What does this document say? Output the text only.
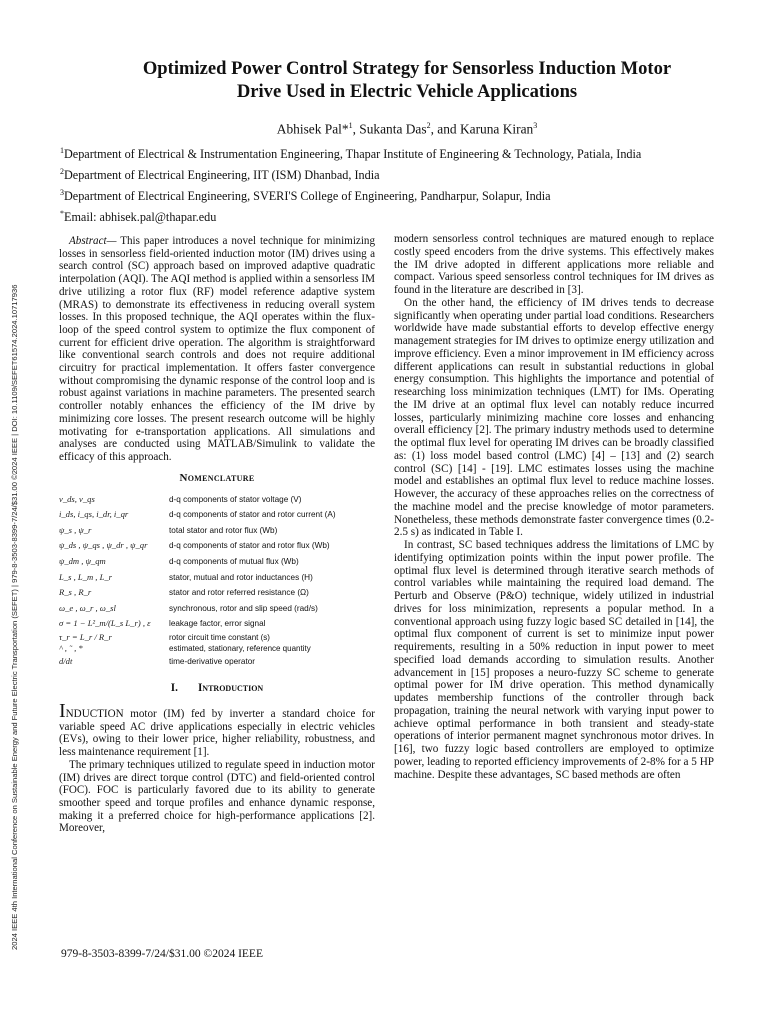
2024 IEEE 4th International Conference on Sustainable Energy and Future Electric Transportation (SEFET) | 979-8-3503-8399-7/24/$31.00 ©2024 IEEE | DOI: 10.1109/SEFET61574.2024.10717936
Optimized Power Control Strategy for Sensorless Induction Motor
Drive Used in Electric Vehicle Applications
Abhisek Pal*$^1$, Sukanta Das$^2$, and Karuna Kiran$^3$
$^1$Department of Electrical & Instrumentation Engineering, Thapar Institute of Engineering & Technology, Patiala, India
$^2$Department of Electrical Engineering, IIT (ISM) Dhanbad, India
$^3$Department of Electrical Engineering, SVERI'S College of Engineering, Pandharpur, Solapur, India
*Email: abhisek.pal@thapar.edu

Abstract— This paper introduces a novel technique for minimizing losses in sensorless field-oriented induction motor (IM) drives using a search control (SC) approach based on improved adaptive quadratic interpolation (AQI). The AQI method is applied within a sensorless IM drive utilizing a rotor flux (RF) model reference adaptive system (MRAS) to demonstrate its effectiveness in reducing overall system losses. In this proposed technique, the AQI operates within the flux-loop of the speed control system to optimize the flux component of current for efficient drive operation. The algorithm is straightforward like conventional search controls and does not require additional circuitry for practical implementation. It offers faster convergence without compromising the dynamic response of the control loop and is robust against variations in machine parameters. The presented search controller notably enhances the efficiency of the IM drive by minimizing core losses. The present research outcome will be highly motivating for e-transportation applications. All simulations and analyses are conducted using MATLAB/Simulink to validate the efficacy of this approach.

Nomenclature
v_ds, v_qs	d-q components of stator voltage (V)
i_ds, i_qs, i_dr, i_qr	d-q components of stator and rotor current (A)
ψ_s , ψ_r	total stator and rotor flux (Wb)
ψ_ds , ψ_qs , ψ_dr , ψ_qr	d-q components of stator and rotor flux (Wb)
ψ_dm , ψ_qm	d-q components of mutual flux (Wb)
L_s , L_m , L_r	stator, mutual and rotor inductances (H)
R_s , R_r	stator and rotor referred resistance (Ω)
ω_e , ω_r , ω_sl	synchronous, rotor and slip speed (rad/s)
σ = 1 − L²_m/(L_s L_r) , ε	leakage factor, error signal
τ_r = L_r / R_r	rotor circuit time constant (s)
^ , ˜ , *	estimated, stationary, reference quantity
d/dt	time-derivative operator
I. Introduction

INDUCTION motor (IM) fed by inverter a standard choice for variable speed AC drive applications especially in electric vehicles (EVs), owing to their lower price, higher reliability, robustness, and less maintenance requirement [1].

The primary techniques utilized to regulate speed in induction motor (IM) drives are direct torque control (DTC) and field-oriented control (FOC). FOC is particularly favored due to its ability to generate smoother speed and torque profiles and enhance dynamic response, making it a preferred choice for high-performance applications [2]. Moreover,

modern sensorless control techniques are matured enough to replace costly speed encoders from the drive systems. This effectively makes the IM drive adopted in different applications more reliable and compact. Various speed sensorless control techniques for IM drives as found in the literature are described in [3].

On the other hand, the efficiency of IM drives tends to decrease significantly when operating under partial load conditions. Researchers worldwide have made substantial efforts to develop effective energy management strategies for IM drives to optimize energy utilization and improve efficiency. Even a minor improvement in IM efficiency across different applications can result in substantial reductions in global energy consumption. This highlights the importance and potential of researching loss minimization techniques (LMT) for IMs. Operating the IM drive at an optimal flux level can notably reduce incurred losses, particularly minimizing machine core losses and enhancing overall efficiency [2]. The primary industry methods used to determine the optimal flux level for operating IM drives can be broadly classified as: (1) loss model based control (LMC) [4] – [13] and (2) search control (SC) [14] - [19]. LMC estimates losses using the machine model and establishes an optimal flux level to reduce machine losses. However, the accuracy of these approaches relies on the correctness of the machine model and the precise knowledge of motor parameters. Nonetheless, these methods demonstrate faster convergence times (0.2-2.5 s) as indicated in Table I.

In contrast, SC based techniques address the limitations of LMC by identifying optimization points within the input power profile. The optimal flux level is determined through iterative search methods of control variables while maintaining the required load demand. The Perturb and Observe (P&O) technique, widely utilized in industrial drives for loss minimization, represents a popular method. In a conventional approach using fuzzy logic based SC detailed in [14], the optimal flux component of current is set to minimize input power requirements, resulting in a 50% reduction in input power to meet specified load demands according to simulation results. Another advancement in [15] proposes a neuro-fuzzy SC scheme to generate optimal power for IM drive operation. This method dynamically updates membership functions of the controller through back propagation, training the neural network with varying input power to achieve optimal performance in both transient and steady-state operations of interior permanent magnet synchronous motor drives. In [16], two fuzzy logic based controllers are employed to optimize power, leading to reported efficiency improvements of 2-8% for a 5 HP machine. Despite these advantages, SC based methods are often

979-8-3503-8399-7/24/$31.00 ©2024 IEEE
